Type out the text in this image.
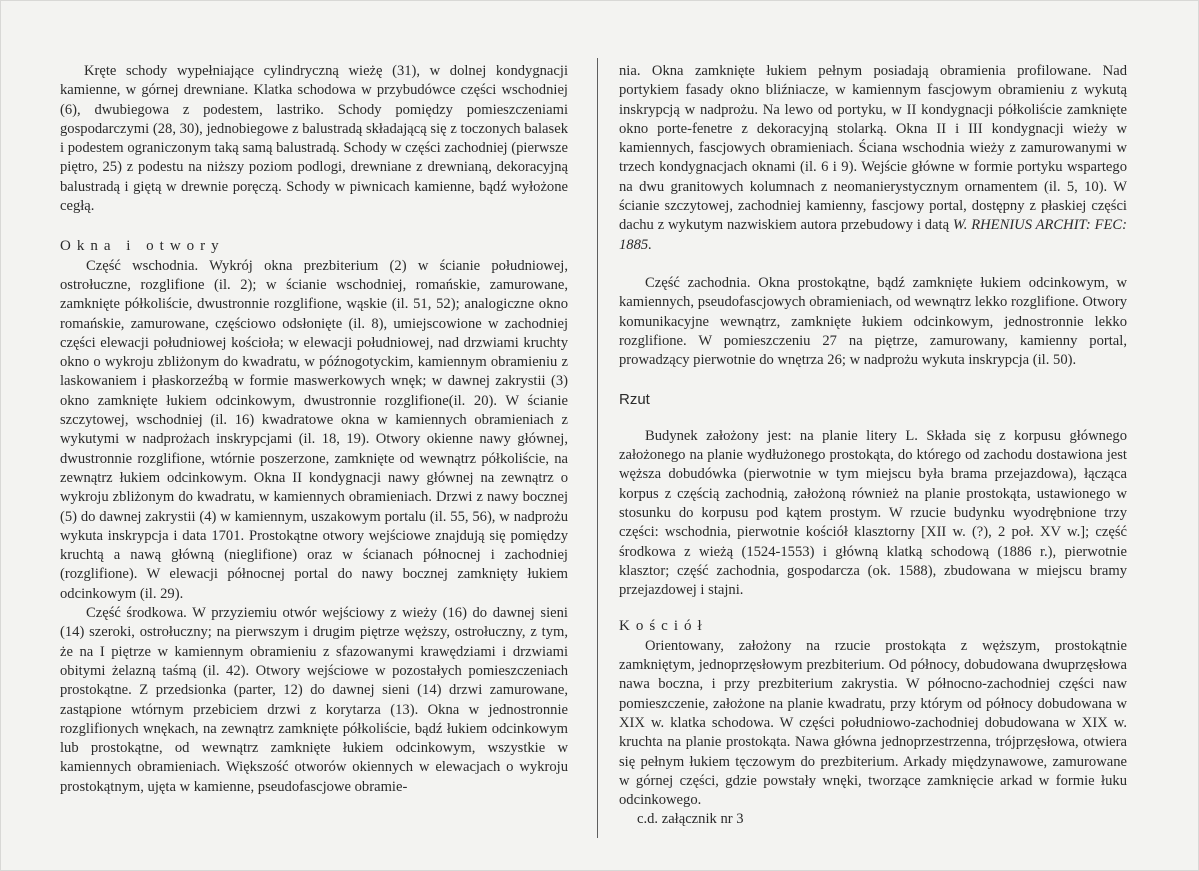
Kręte schody wypełniające cylindryczną wieżę (31), w dolnej kondygnacji kamienne, w górnej drewniane. Klatka schodowa w przybudówce części wschodniej (6), dwubiegowa z podestem, lastriko. Schody pomiędzy pomieszczeniami gospodarczymi (28, 30), jednobiegowe z balustradą składającą się z toczonych balasek i podestem ograniczonym taką samą balustradą. Schody w części zachodniej (pierwsze piętro, 25) z podestu na niższy poziom podlogi, drewniane z drewnianą, dekoracyjną balustradą i giętą w drewnie poręczą. Schody w piwnicach kamienne, bądź wyłożone cegłą.

Okna i otwory

Część wschodnia. Wykrój okna prezbiterium (2) w ścianie południowej, ostrołuczne, rozglifione (il. 2); w ścianie wschodniej, romańskie, zamurowane, zamknięte półkoliście, dwustronnie rozglifione, wąskie (il. 51, 52); analogiczne okno romańskie, zamurowane, częściowo odsłonięte (il. 8), umiejscowione w zachodniej części elewacji południowej kościoła; w elewacji południowej, nad drzwiami kruchty okno o wykroju zbliżonym do kwadratu, w późnogotyckim, kamiennym obramieniu z laskowaniem i płaskorzeźbą w formie maswerkowych wnęk; w dawnej zakrystii (3) okno zamknięte łukiem odcinkowym, dwustronnie rozglifione(il. 20). W ścianie szczytowej, wschodniej (il. 16) kwadratowe okna w kamiennych obramieniach z wykutymi w nadprożach inskrypcjami (il. 18, 19). Otwory okienne nawy głównej, dwustronnie rozglifione, wtórnie poszerzone, zamknięte od wewnątrz półkoliście, na zewnątrz łukiem odcinkowym. Okna II kondygnacji nawy głównej na zewnątrz o wykroju zbliżonym do kwadratu, w kamiennych obramieniach. Drzwi z nawy bocznej (5) do dawnej zakrystii (4) w kamiennym, uszakowym portalu (il. 55, 56), w nadprożu wykuta inskrypcja i data 1701. Prostokątne otwory wejściowe znajdują się pomiędzy kruchtą a nawą główną (nieglifione) oraz w ścianach północnej i zachodniej (rozglifione). W elewacji północnej portal do nawy bocznej zamknięty łukiem odcinkowym (il. 29).

Część środkowa. W przyziemiu otwór wejściowy z wieży (16) do dawnej sieni (14) szeroki, ostrołuczny; na pierwszym i drugim piętrze węższy, ostrołuczny, z tym, że na I piętrze w kamiennym obramieniu z sfazowanymi krawędziami i drzwiami obitymi żelazną taśmą (il. 42). Otwory wejściowe w pozostałych pomieszczeniach prostokątne. Z przedsionka (parter, 12) do dawnej sieni (14) drzwi zamurowane, zastąpione wtórnym przebiciem drzwi z korytarza (13). Okna w jednostronnie rozglifionych wnękach, na zewnątrz zamknięte półkoliście, bądź łukiem odcinkowym lub prostokątne, od wewnątrz zamknięte łukiem odcinkowym, wszystkie w kamiennych obramieniach. Większość otworów okiennych w elewacjach o wykroju prostokątnym, ujęta w kamienne, pseudofascjowe obramie-

nia. Okna zamknięte łukiem pełnym posiadają obramienia profilowane. Nad portykiem fasady okno bliźniacze, w kamiennym fascjowym obramieniu z wykutą inskrypcją w nadprożu. Na lewo od portyku, w II kondygnacji półkoliście zamknięte okno porte-fenetre z dekoracyjną stolarką. Okna II i III kondygnacji wieży w kamiennych, fascjowych obramieniach. Ściana wschodnia wieży z zamurowanymi w trzech kondygnacjach oknami (il. 6 i 9). Wejście główne w formie portyku wspartego na dwu granitowych kolumnach z neomanierystycznym ornamentem (il. 5, 10). W ścianie szczytowej, zachodniej kamienny, fascjowy portal, dostępny z płaskiej części dachu z wykutym nazwiskiem autora przebudowy i datą W. RHENIUS ARCHIT: FEC: 1885.

Część zachodnia. Okna prostokątne, bądź zamknięte łukiem odcinkowym, w kamiennych, pseudofascjowych obramieniach, od wewnątrz lekko rozglifione. Otwory komunikacyjne wewnątrz, zamknięte łukiem odcinkowym, jednostronnie lekko rozglifione. W pomieszczeniu 27 na piętrze, zamurowany, kamienny portal, prowadzący pierwotnie do wnętrza 26; w nadprożu wykuta inskrypcja (il. 50).

Rzut

Budynek założony jest: na planie litery L. Składa się z korpusu głównego założonego na planie wydłużonego prostokąta, do którego od zachodu dostawiona jest węższa dobudówka (pierwotnie w tym miejscu była brama przejazdowa), łącząca korpus z częścią zachodnią, założoną również na planie prostokąta, ustawionego w stosunku do korpusu pod kątem prostym. W rzucie budynku wyodrębnione trzy części: wschodnia, pierwotnie kościół klasztorny [XII w. (?), 2 poł. XV w.]; część środkowa z wieżą (1524-1553) i główną klatką schodową (1886 r.), pierwotnie klasztor; część zachodnia, gospodarcza (ok. 1588), zbudowana w miejscu bramy przejazdowej i stajni.

Kościół

Orientowany, założony na rzucie prostokąta z węższym, prostokątnie zamkniętym, jednoprzęsłowym prezbiterium. Od północy, dobudowana dwuprzęsłowa nawa boczna, i przy prezbiterium zakrystia. W północno-zachodniej części naw pomieszczenie, założone na planie kwadratu, przy którym od północy dobudowana w XIX w. klatka schodowa. W części południowo-zachodniej dobudowana w XIX w. kruchta na planie prostokąta. Nawa główna jednoprzestrzenna, trójprzęsłowa, otwiera się pełnym łukiem tęczowym do prezbiterium. Arkady międzynawowe, zamurowane w górnej części, gdzie powstały wnęki, tworzące zamknięcie arkad w formie łuku odcinkowego.

c.d. załącznik nr 3
